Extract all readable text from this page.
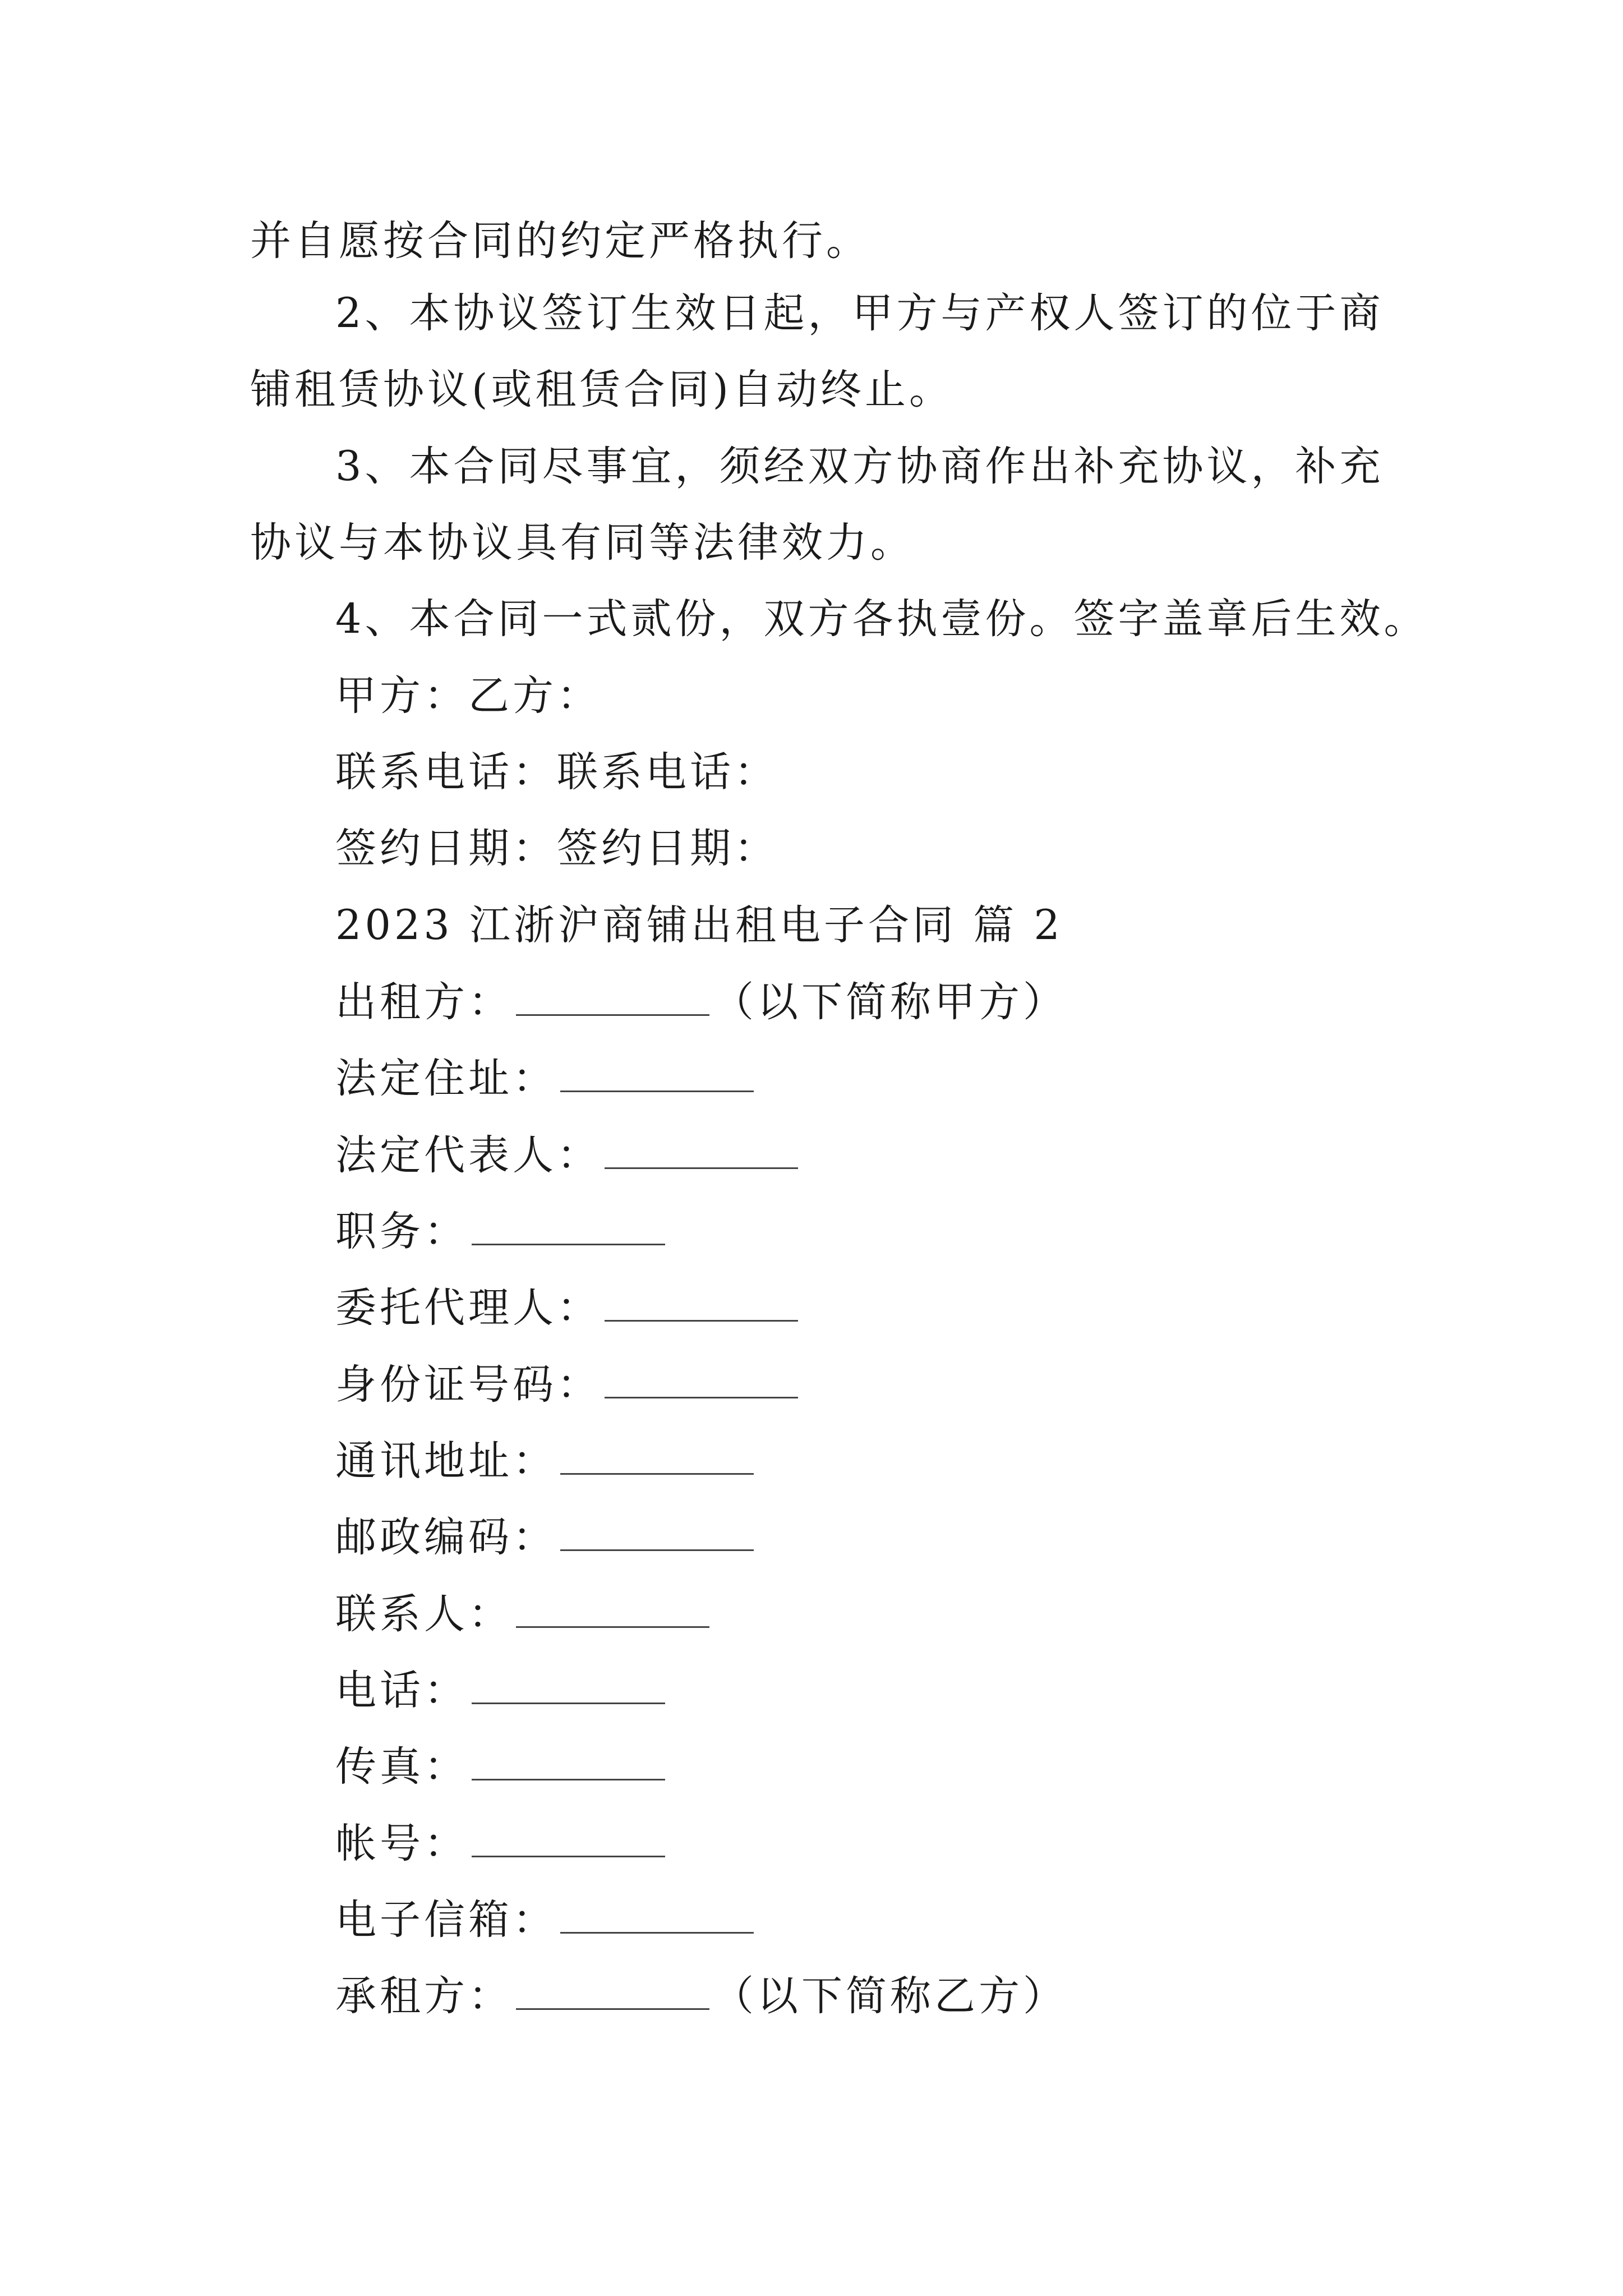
并自愿按合同的约定严格执行。
2、本协议签订生效日起，甲方与产权人签订的位于商
铺租赁协议(或租赁合同)自动终止。
3、本合同尽事宜，须经双方协商作出补充协议，补充
协议与本协议具有同等法律效力。
4、本合同一式贰份，双方各执壹份。签字盖章后生效。
甲方：乙方：
联系电话：联系电话：
签约日期：签约日期：
2023 江浙沪商铺出租电子合同 篇 2
出租方：	（以下简称甲方）
法定住址：
法定代表人：
职务：
委托代理人：
身份证号码：
通讯地址：
邮政编码：
联系人：
电话：
传真：
帐号：
电子信箱：
承租方：	（以下简称乙方）
